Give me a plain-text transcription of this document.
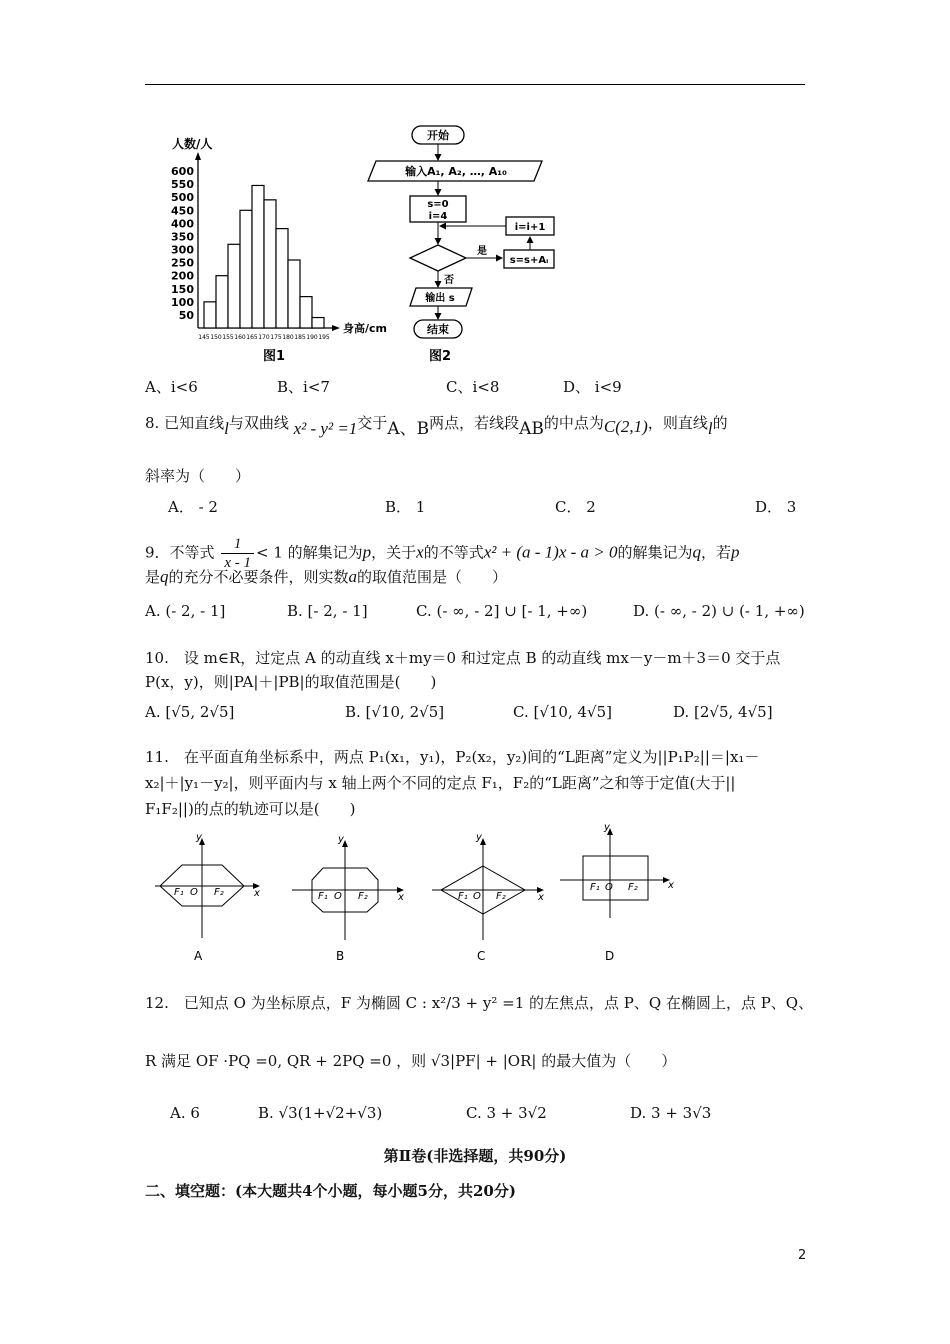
人数/人
600
550
500
450
400
350
300
250
200
150
100
50
145 150 155 160 165 170 175 180 185 190 195
身高/cm
图1
开始
输入A₁, A₂, …, A₁₀
s=0
i=4
i=i+1
是
s=s+Aᵢ
否
输出 s
结束
图2
A、i<6	B、i<7	C、i<8	D、 i<9
8. 已知直线l与双曲线 x² - y² =1交于A、B两点，若线段AB的中点为C(2,1)，则直线l的
斜率为（　　）
A． - 2	B． 1	C． 2	D． 3
9．不等式 $\frac{1}{x - 1} < 1$ 的解集记为p，关于x的不等式x² + (a - 1)x - a > 0的解集记为q，若p
是q的充分不必要条件，则实数a的取值范围是（　　）
A. (- 2, - 1]	B. [- 2, - 1]	C. (- ∞, - 2] ∪ [- 1, +∞)	D. (- ∞, - 2) ∪ (- 1, +∞)
10.　设 m∈R，过定点 A 的动直线 x＋my＝0 和过定点 B 的动直线 mx－y－m＋3＝0 交于点
P(x，y)，则|PA|＋|PB|的取值范围是(　　)
A. [√5, 2√5]	B. [√10, 2√5]	C. [√10, 4√5]	D. [2√5, 4√5]
11.　在平面直角坐标系中，两点 P₁(x₁，y₁)，P₂(x₂，y₂)间的“L距离”定义为||P₁P₂||＝|x₁－
x₂|＋|y₁－y₂|，则平面内与 x 轴上两个不同的定点 F₁，F₂的“L距离”之和等于定值(大于||
F₁F₂||)的点的轨迹可以是(　　)
y
x
F₁ O F₂
A
y
x
F₁ O F₂
B
y
x
F₁ O F₂
C
y
x
F₁ O F₂
D
12.　已知点 O 为坐标原点，F 为椭圆 C : x²/3 + y² =1 的左焦点，点 P、Q 在椭圆上，点 P、Q、
R 满足 OF ·PQ =0, QR + 2PQ =0 ，则 √3|PF| + |OR| 的最大值为（　　）
A. 6	B. √3(1+√2+√3)	C. 3 + 3√2	D. 3 + 3√3
第Ⅱ卷(非选择题，共90分)
二、填空题：(本大题共4个小题，每小题5分，共20分)
2
